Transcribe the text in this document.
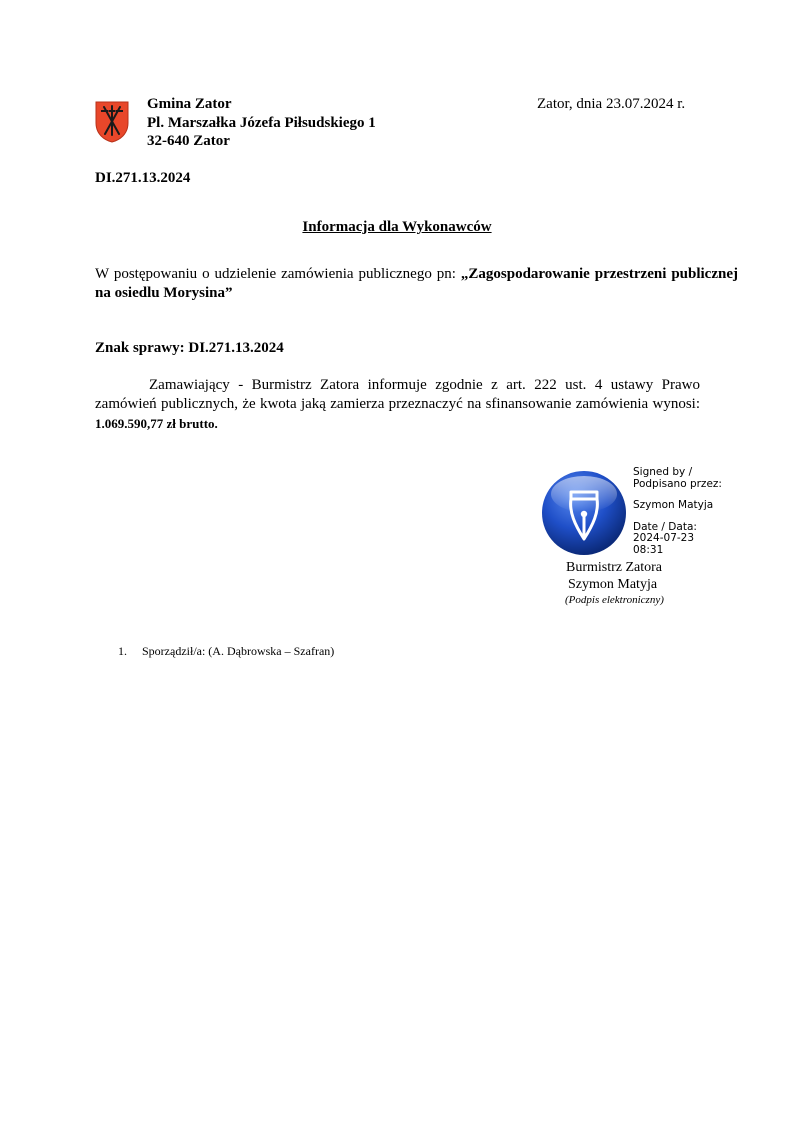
Gmina Zator
Pl. Marszałka Józefa Piłsudskiego 1
32-640 Zator
Zator, dnia 23.07.2024 r.
DI.271.13.2024
Informacja dla Wykonawców
W postępowaniu o udzielenie zamówienia publicznego pn: „Zagospodarowanie przestrzeni publicznej na osiedlu Morysina”
Znak sprawy: DI.271.13.2024
Zamawiający - Burmistrz Zatora informuje zgodnie z art. 222 ust. 4 ustawy Prawo zamówień publicznych, że kwota jaką zamierza przeznaczyć na sfinansowanie zamówienia wynosi: 1.069.590,77 zł brutto.
Signed by /
Podpisano przez:
Szymon Matyja
Date / Data:
2024-07-23
08:31
Burmistrz Zatora
Szymon Matyja
(Podpis elektroniczny)
1. Sporządził/a: (A. Dąbrowska – Szafran)
